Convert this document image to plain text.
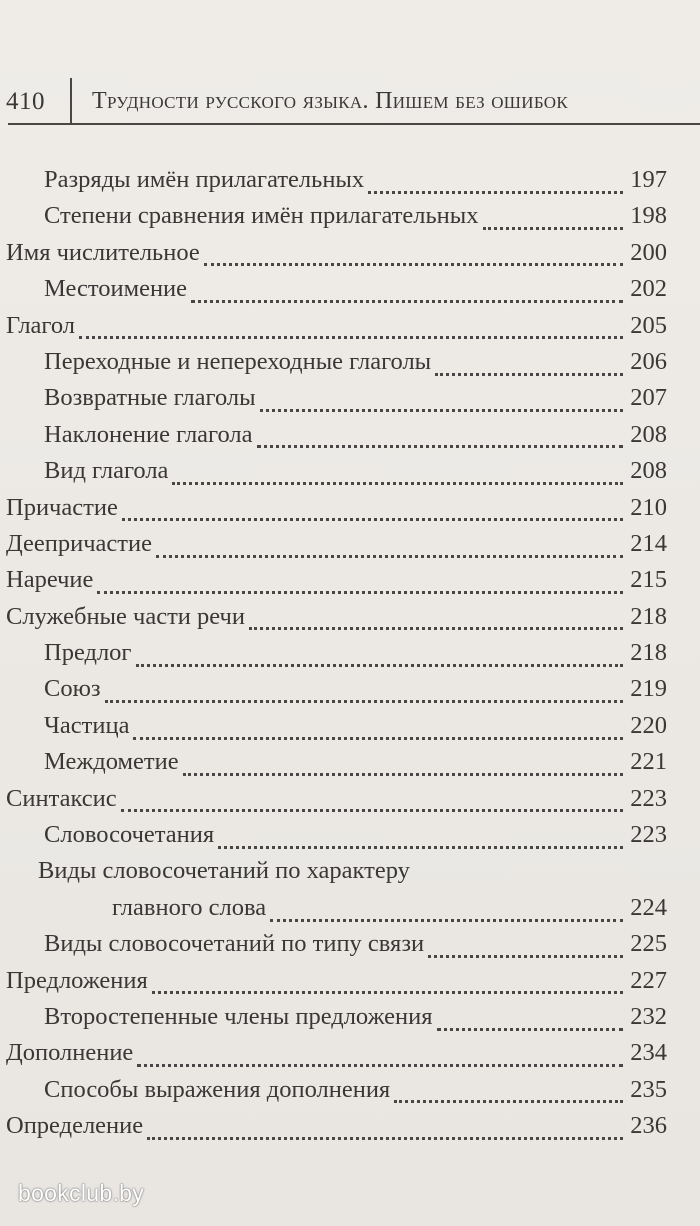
410 Трудности русского языка. Пишем без ошибок
Разряды имён прилагательных	197
Степени сравнения имён прилагательных	198
Имя числительное	200
Местоимение	202
Глагол	205
Переходные и непереходные глаголы	206
Возвратные глаголы	207
Наклонение глагола	208
Вид глагола	208
Причастие	210
Деепричастие	214
Наречие	215
Служебные части речи	218
Предлог	218
Союз	219
Частица	220
Междометие	221
Синтаксис	223
Словосочетания	223
Виды словосочетаний по характеру
главного слова	224
Виды словосочетаний по типу связи	225
Предложения	227
Второстепенные члены предложения	232
Дополнение	234
Способы выражения дополнения	235
Определение	236
bookclub.by
